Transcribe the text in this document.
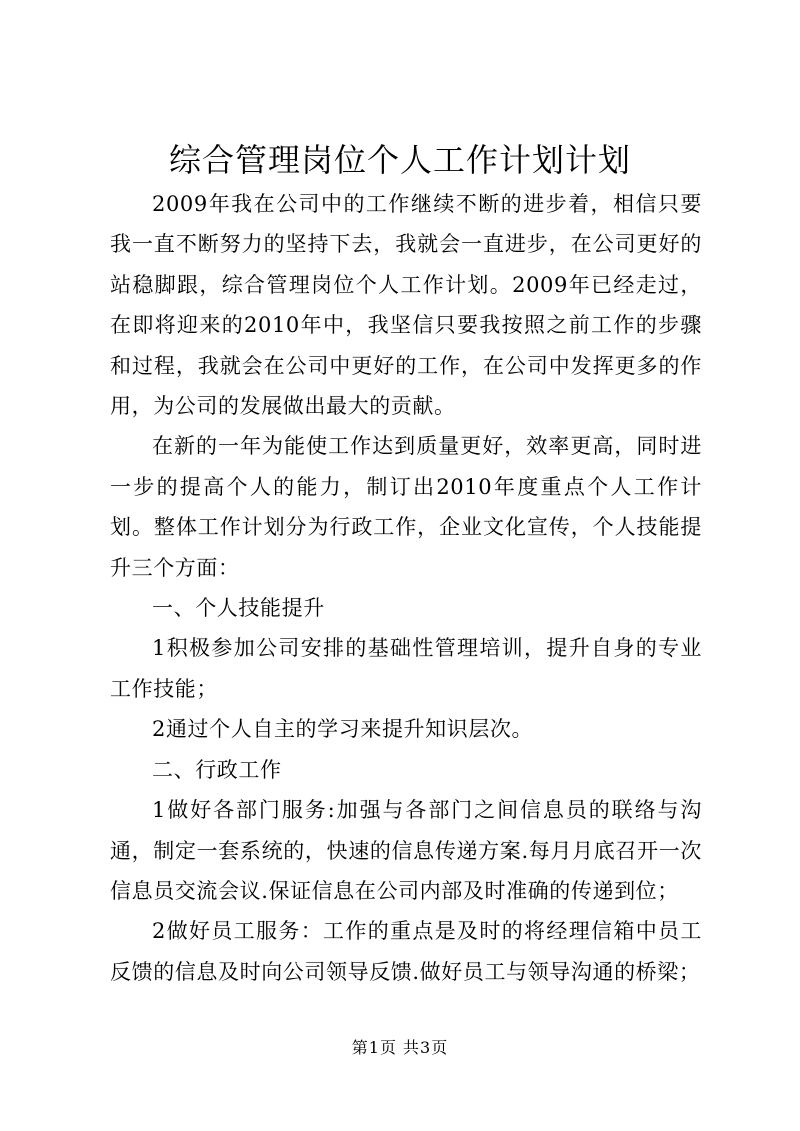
综合管理岗位个人工作计划计划

2009年我在公司中的工作继续不断的进步着，相信只要我一直不断努力的坚持下去，我就会一直进步，在公司更好的站稳脚跟，综合管理岗位个人工作计划。2009年已经走过，在即将迎来的2010年中，我坚信只要我按照之前工作的步骤和过程，我就会在公司中更好的工作，在公司中发挥更多的作用，为公司的发展做出最大的贡献。

在新的一年为能使工作达到质量更好，效率更高，同时进一步的提高个人的能力，制订出2010年度重点个人工作计划。整体工作计划分为行政工作，企业文化宣传，个人技能提升三个方面：

一、个人技能提升

1积极参加公司安排的基础性管理培训，提升自身的专业工作技能；

2通过个人自主的学习来提升知识层次。

二、行政工作

1做好各部门服务:加强与各部门之间信息员的联络与沟通，制定一套系统的，快速的信息传递方案.每月月底召开一次信息员交流会议.保证信息在公司内部及时准确的传递到位；

2做好员工服务：工作的重点是及时的将经理信箱中员工反馈的信息及时向公司领导反馈.做好员工与领导沟通的桥梁；

第1页 共3页
